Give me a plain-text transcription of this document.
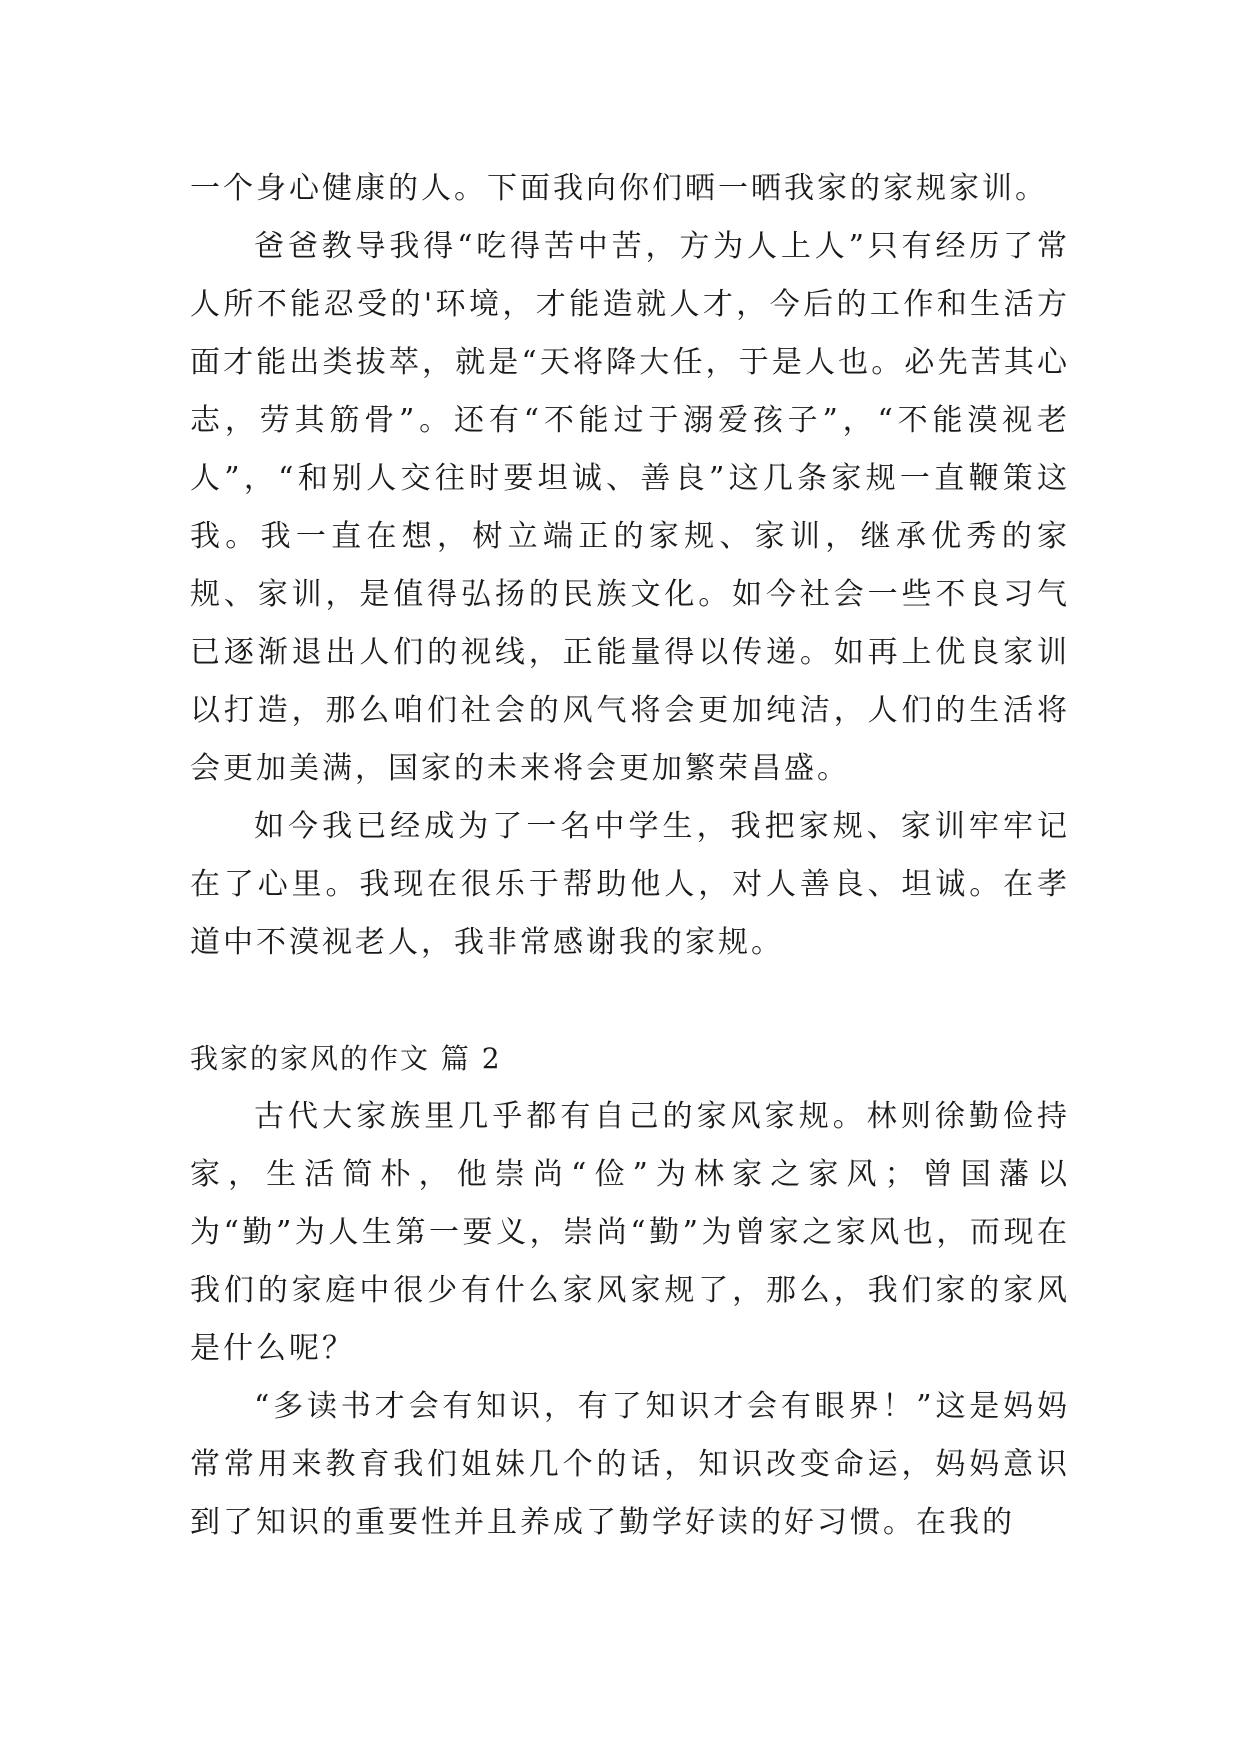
一个身心健康的人。下面我向你们晒一晒我家的家规家训。

爸爸教导我得“吃得苦中苦，方为人上人”只有经历了常人所不能忍受的'环境，才能造就人才，今后的工作和生活方面才能出类拔萃，就是“天将降大任，于是人也。必先苦其心志，劳其筋骨”。还有“不能过于溺爱孩子”，“不能漠视老人”，“和别人交往时要坦诚、善良”这几条家规一直鞭策这我。我一直在想，树立端正的家规、家训，继承优秀的家规、家训，是值得弘扬的民族文化。如今社会一些不良习气已逐渐退出人们的视线，正能量得以传递。如再上优良家训以打造，那么咱们社会的风气将会更加纯洁，人们的生活将会更加美满，国家的未来将会更加繁荣昌盛。

如今我已经成为了一名中学生，我把家规、家训牢牢记在了心里。我现在很乐于帮助他人，对人善良、坦诚。在孝道中不漠视老人，我非常感谢我的家规。

我家的家风的作文 篇 2

古代大家族里几乎都有自己的家风家规。林则徐勤俭持家，生活简朴，他崇尚“俭”为林家之家风；曾国藩以为“勤”为人生第一要义，崇尚“勤”为曾家之家风也，而现在我们的家庭中很少有什么家风家规了，那么，我们家的家风是什么呢？

“多读书才会有知识，有了知识才会有眼界！”这是妈妈常常用来教育我们姐妹几个的话，知识改变命运，妈妈意识到了知识的重要性并且养成了勤学好读的好习惯。在我的
